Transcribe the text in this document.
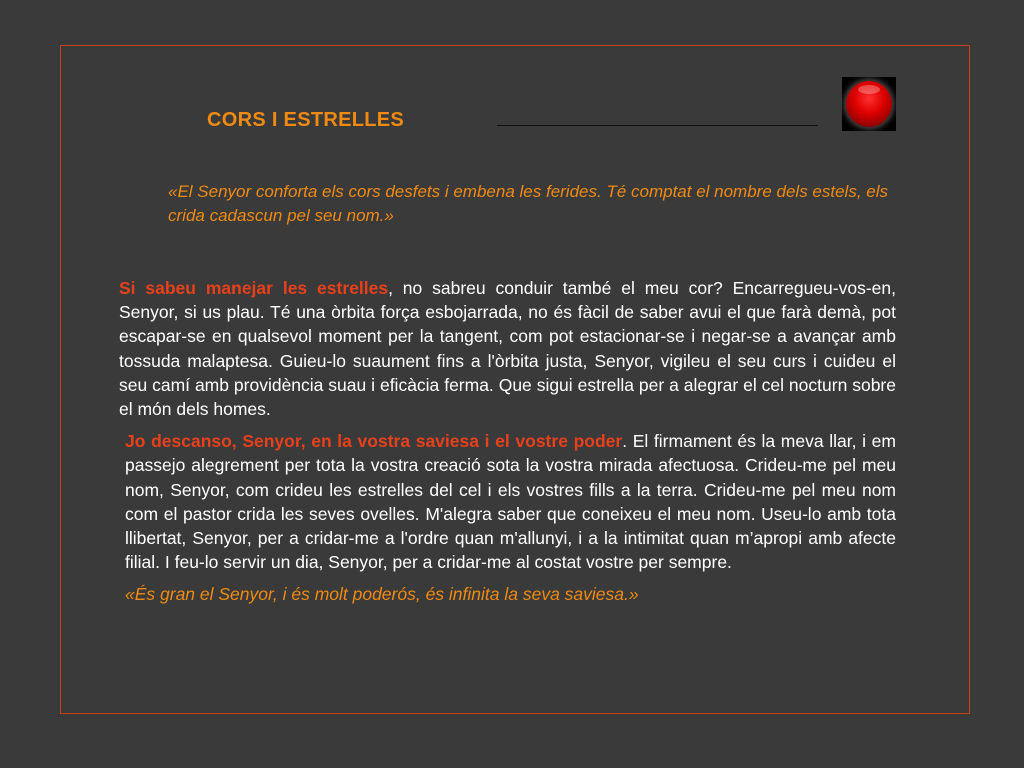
CORS I ESTRELLES
«El Senyor conforta els cors desfets i embena les ferides. Té comptat el nombre dels estels, els crida cadascun pel seu nom.»

Si sabeu manejar les estrelles, no sabreu conduir també el meu cor? Encarregueu-vos-en, Senyor, si us plau. Té una òrbita força esbojarrada, no és fàcil de saber avui el que farà demà, pot escapar-se en qualsevol moment per la tangent, com pot estacionar-se i negar-se a avançar amb tossuda malaptesa. Guieu-lo suaument fins a l'òrbita justa, Senyor, vigileu el seu curs i cuideu el seu camí amb providència suau i eficàcia ferma. Que sigui estrella per a alegrar el cel nocturn sobre el món dels homes.

Jo descanso, Senyor, en la vostra saviesa i el vostre poder. El firmament és la meva llar, i em passejo alegrement per tota la vostra creació sota la vostra mirada afectuosa. Crideu-me pel meu nom, Senyor, com crideu les estrelles del cel i els vostres fills a la terra. Crideu-me pel meu nom com el pastor crida les seves ovelles. M'alegra saber que coneixeu el meu nom. Useu-lo amb tota llibertat, Senyor, per a cridar-me a l'ordre quan m'allunyi, i a la intimitat quan m’apropi amb afecte filial. I feu-lo servir un dia, Senyor, per a cridar-me al costat vostre per sempre.

«És gran el Senyor, i és molt poderós, és infinita la seva saviesa.»
